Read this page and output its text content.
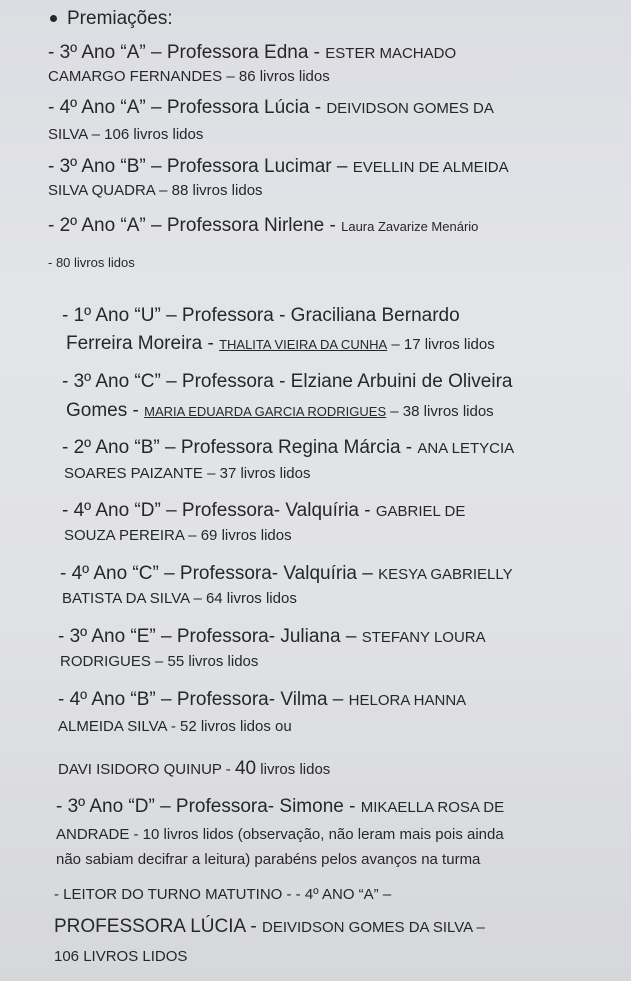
Premiações:
- 3º Ano “A” – Professora Edna - ESTER MACHADO
CAMARGO FERNANDES – 86 livros lidos
- 4º Ano “A” – Professora Lúcia - DEIVIDSON GOMES DA
SILVA – 106 livros lidos
- 3º Ano “B” – Professora Lucimar – EVELLIN DE ALMEIDA
SILVA QUADRA – 88 livros lidos
- 2º Ano “A” – Professora Nirlene - Laura Zavarize Menário
- 80 livros lidos
- 1º Ano “U” – Professora - Graciliana Bernardo
Ferreira Moreira - THALITA VIEIRA DA CUNHA – 17 livros lidos
- 3º Ano “C” – Professora - Elziane Arbuini de Oliveira
Gomes - MARIA EDUARDA GARCIA RODRIGUES – 38 livros lidos
- 2º Ano “B” – Professora Regina Márcia - ANA LETYCIA
SOARES PAIZANTE – 37 livros lidos
- 4º Ano “D” – Professora- Valquíria - GABRIEL DE
SOUZA PEREIRA – 69 livros lidos
- 4º Ano “C” – Professora- Valquíria – KESYA GABRIELLY
BATISTA DA SILVA – 64 livros lidos
- 3º Ano “E” – Professora- Juliana – STEFANY LOURA
RODRIGUES – 55 livros lidos
- 4º Ano “B” – Professora- Vilma – HELORA HANNA
ALMEIDA SILVA - 52 livros lidos ou
DAVI ISIDORO QUINUP - 40 livros lidos
- 3º Ano “D” – Professora- Simone - MIKAELLA ROSA DE
ANDRADE - 10 livros lidos (observação, não leram mais pois ainda
não sabiam decifrar a leitura) parabéns pelos avanços na turma
- LEITOR DO TURNO MATUTINO - - 4º ANO “A” –
PROFESSORA LÚCIA - DEIVIDSON GOMES DA SILVA –
106 LIVROS LIDOS
